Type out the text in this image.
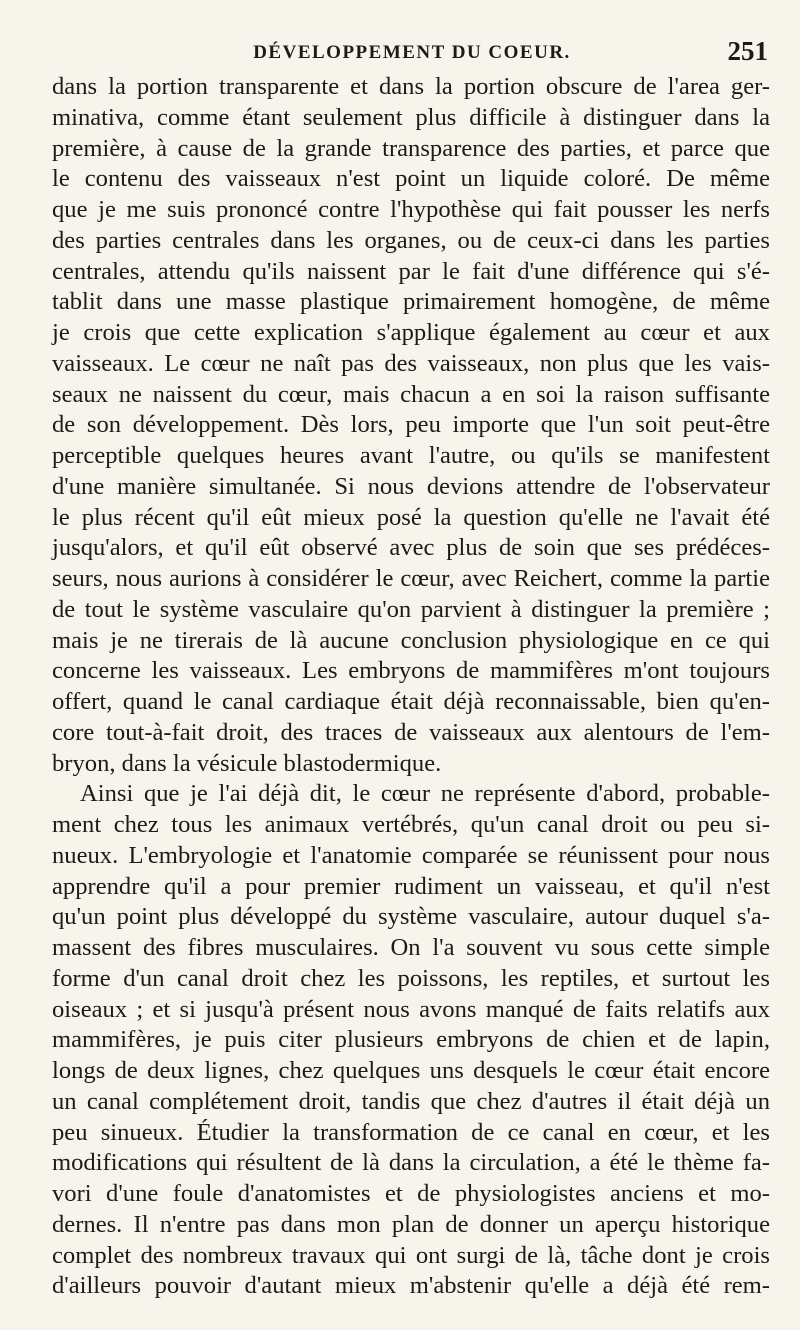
DÉVELOPPEMENT DU COEUR.	251
dans la portion transparente et dans la portion obscure de l'area ger-
minativa, comme étant seulement plus difficile à distinguer dans la
première, à cause de la grande transparence des parties, et parce que
le contenu des vaisseaux n'est point un liquide coloré. De même
que je me suis prononcé contre l'hypothèse qui fait pousser les nerfs
des parties centrales dans les organes, ou de ceux-ci dans les parties
centrales, attendu qu'ils naissent par le fait d'une différence qui s'é-
tablit dans une masse plastique primairement homogène, de même
je crois que cette explication s'applique également au cœur et aux
vaisseaux. Le cœur ne naît pas des vaisseaux, non plus que les vais-
seaux ne naissent du cœur, mais chacun a en soi la raison suffisante
de son développement. Dès lors, peu importe que l'un soit peut-être
perceptible quelques heures avant l'autre, ou qu'ils se manifestent
d'une manière simultanée. Si nous devions attendre de l'observateur
le plus récent qu'il eût mieux posé la question qu'elle ne l'avait été
jusqu'alors, et qu'il eût observé avec plus de soin que ses prédéces-
seurs, nous aurions à considérer le cœur, avec Reichert, comme la partie
de tout le système vasculaire qu'on parvient à distinguer la première ;
mais je ne tirerais de là aucune conclusion physiologique en ce qui
concerne les vaisseaux. Les embryons de mammifères m'ont toujours
offert, quand le canal cardiaque était déjà reconnaissable, bien qu'en-
core tout-à-fait droit, des traces de vaisseaux aux alentours de l'em-
bryon, dans la vésicule blastodermique.
Ainsi que je l'ai déjà dit, le cœur ne représente d'abord, probable-
ment chez tous les animaux vertébrés, qu'un canal droit ou peu si-
nueux. L'embryologie et l'anatomie comparée se réunissent pour nous
apprendre qu'il a pour premier rudiment un vaisseau, et qu'il n'est
qu'un point plus développé du système vasculaire, autour duquel s'a-
massent des fibres musculaires. On l'a souvent vu sous cette simple
forme d'un canal droit chez les poissons, les reptiles, et surtout les
oiseaux ; et si jusqu'à présent nous avons manqué de faits relatifs aux
mammifères, je puis citer plusieurs embryons de chien et de lapin,
longs de deux lignes, chez quelques uns desquels le cœur était encore
un canal complétement droit, tandis que chez d'autres il était déjà un
peu sinueux. Étudier la transformation de ce canal en cœur, et les
modifications qui résultent de là dans la circulation, a été le thème fa-
vori d'une foule d'anatomistes et de physiologistes anciens et mo-
dernes. Il n'entre pas dans mon plan de donner un aperçu historique
complet des nombreux travaux qui ont surgi de là, tâche dont je crois
d'ailleurs pouvoir d'autant mieux m'abstenir qu'elle a déjà été rem-
